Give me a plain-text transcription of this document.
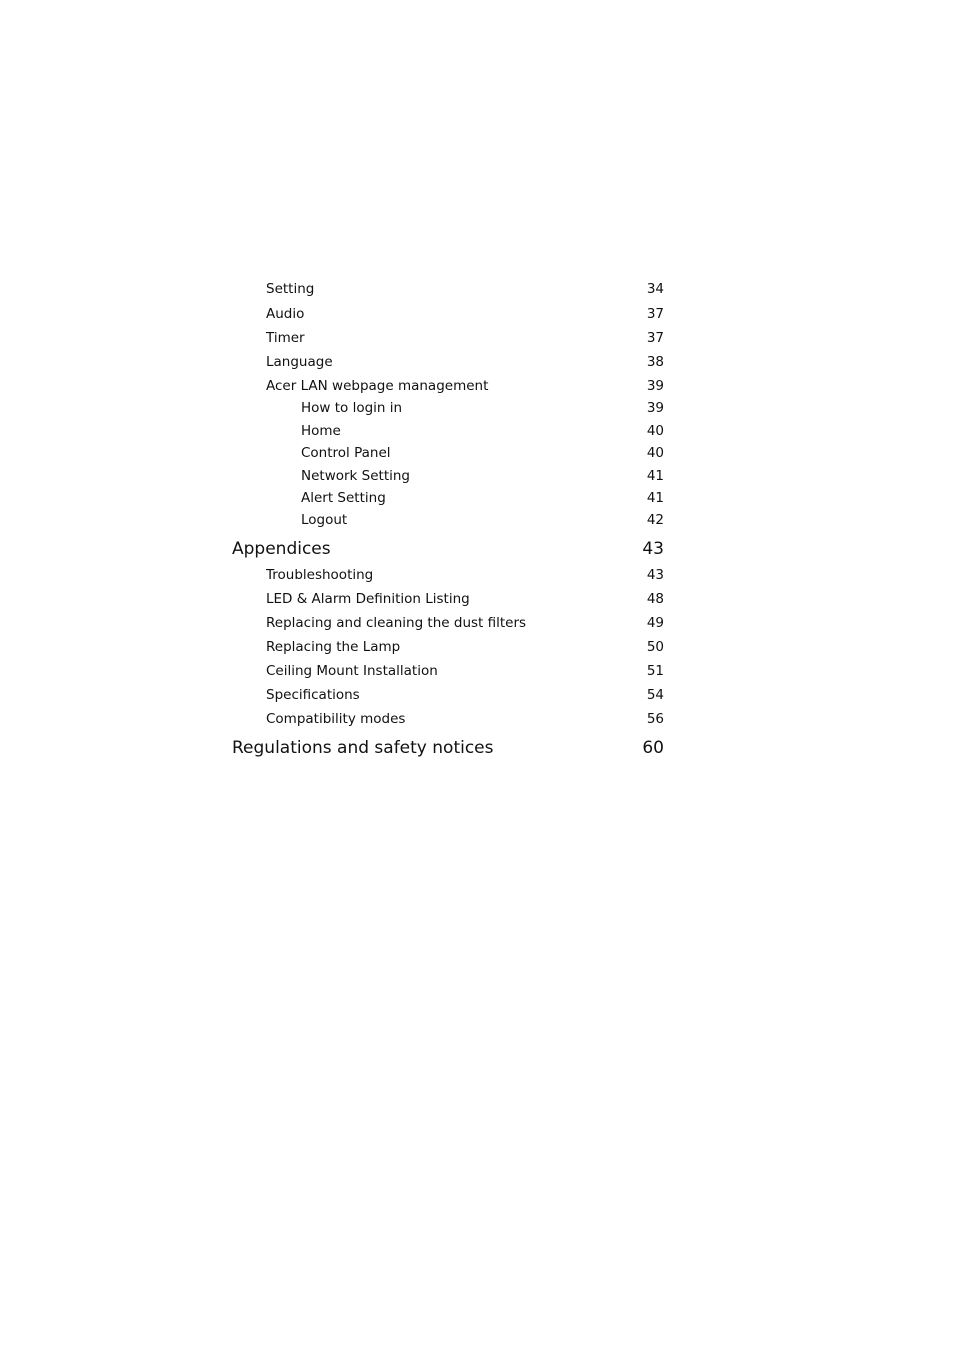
Setting	34
Audio	37
Timer	37
Language	38
Acer LAN webpage management	39
How to login in	39
Home	40
Control Panel	40
Network Setting	41
Alert Setting	41
Logout	42
Appendices	43
Troubleshooting	43
LED & Alarm Definition Listing	48
Replacing and cleaning the dust filters	49
Replacing the Lamp	50
Ceiling Mount Installation	51
Specifications	54
Compatibility modes	56
Regulations and safety notices	60
